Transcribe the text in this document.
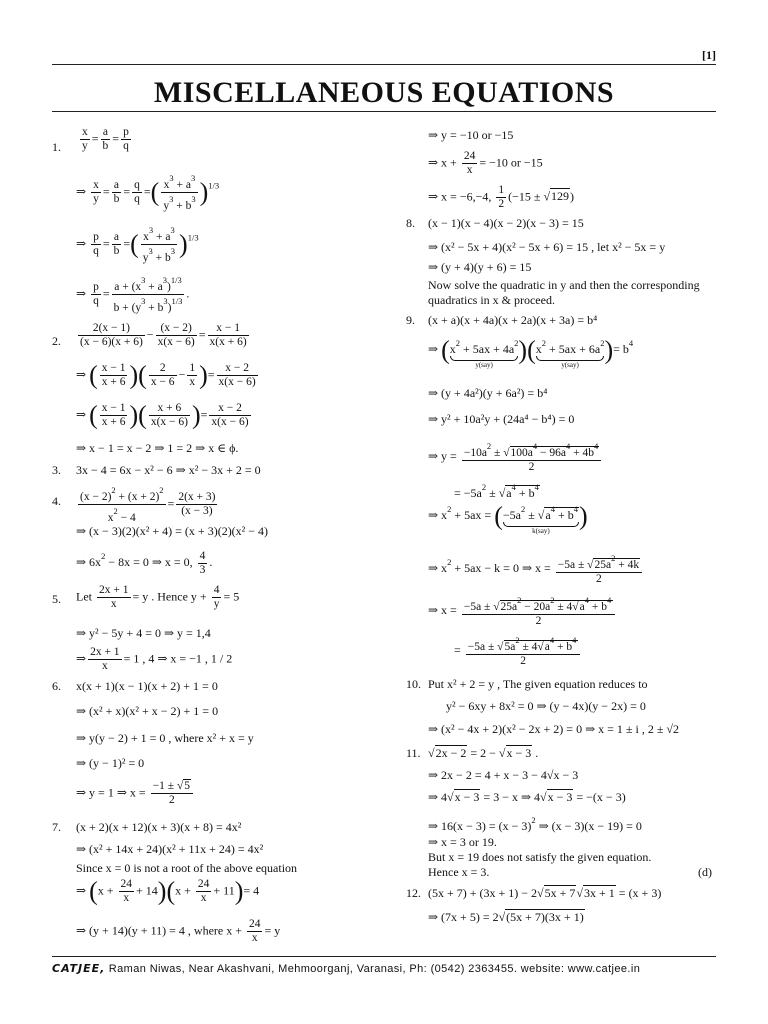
[1]
MISCELLANEOUS EQUATIONS
1. $\frac{x}{y} = \frac{a}{b} = \frac{p}{q}$
⇒ $\frac{x}{y} = \frac{a}{b} = \frac{q}{q}$ =( $\frac{x^3 + a^3}{y^3 + b^3} )^{1/3}$
⇒ $\frac{p}{q} = \frac{a}{b}$ =( $\frac{x^3 + a^3}{y^3 + b^3} )^{1/3}$
⇒ $\frac{p}{q} = \frac{a + (x^3 + a^3)^{1/3}}{b + (y^3 + b^3)^{1/3}}$ .
2. $\frac{2(x - 1)}{(x - 6)(x + 6)} - \frac{(x - 2)}{x(x - 6)} = \frac{x - 1}{x(x + 6)}$
⇒ ( $\frac{x - 1}{x + 6}$ )( $\frac{2}{x - 6} - \frac{1}{x}$ )= $\frac{x - 2}{x(x - 6)}$
⇒ ( $\frac{x - 1}{x + 6}$ )( $\frac{x + 6}{x(x - 6)}$ )= $\frac{x - 2}{x(x - 6)}$
⇒ x − 1 = x − 2 ⇒ 1 = 2 ⇒ x ∈ ϕ.
3. 3x − 4 = 6x − x² − 6 ⇒ x² − 3x + 2 = 0
4. $\frac{(x - 2)^2 + (x + 2)^2}{x^2 - 4} = \frac{2(x + 3)}{(x - 3)}$
⇒ (x − 3)(2)(x² + 4) = (x + 3)(2)(x² − 4)
⇒ $6x^2 - 8x = 0$ ⇒ x = 0, $\frac{4}{3}$ .
5. Let $\frac{2x + 1}{x} = y$ . Hence $y + \frac{4}{y} = 5$
⇒ y² − 5y + 4 = 0 ⇒ y = 1,4
⇒ $\frac{2x + 1}{x} = 1$ , 4 ⇒ x = −1 , 1 / 2
6. x(x + 1)(x − 1)(x + 2) + 1 = 0
⇒ (x² + x)(x² + x − 2) + 1 = 0
⇒ y(y − 2) + 1 = 0 , where x² + x = y
⇒ (y − 1)² = 0
⇒ y = 1 ⇒ $x = \frac{-1 \pm √5}{2}$
7. (x + 2)(x + 12)(x + 3)(x + 8) = 4x²
⇒ (x² + 14x + 24)(x² + 11x + 24) = 4x²
Since x = 0 is not a root of the above equation
⇒ $(x + \frac{24}{x} + 14)(x + \frac{24}{x} + 11)= 4$
⇒ (y + 14)(y + 11) = 4 , where $x + \frac{24}{x} = y$
⇒ y = −10 or −15
⇒ $x + \frac{24}{x} = -10$ or −15
⇒ x = −6,−4, $\frac{1}{2} (-15 \pm √129)$
8. (x − 1)(x − 4)(x − 2)(x − 3) = 15
⇒ (x² − 5x + 4)(x² − 5x + 6) = 15 , let x² − 5x = y
⇒ (y + 4)(y + 6) = 15
Now solve the quadratic in y and then the corresponding
quadratics in x & proceed.
9. (x + a)(x + 4a)(x + 2a)(x + 3a) = b⁴
⇒ ($x^2 + 5ax + 4a^2$
y(say)
)($x^2 + 5ax + 6a^2$
y(say)
)= $b^4$
⇒ (y + 4a²)(y + 6a²) = b⁴
⇒ y² + 10a²y + (24a⁴ − b⁴) = 0
⇒ $y = \frac{-10a^2 \pm √100a^4 - 96a^4 + 4b^4}{2}$
= $-5a^2 \pm √a^4 + b^4$
⇒ $x^2 + 5ax = (-5a^2 \pm √a^4 + b^4$
k(say)
)
⇒ $x^2 + 5ax - k = 0$ ⇒ $x = \frac{-5a \pm √25a^2 + 4k}{2}$
⇒ $x = \frac{-5a \pm √25a^2 - 20a^2 \pm 4√a^4 + b^4}{2}$
= $\frac{-5a \pm √5a^2 \pm 4√a^4 + b^4}{2}$
10. Put x² + 2 = y , The given equation reduces to
y² − 6xy + 8x² = 0 ⇒ (y − 4x)(y − 2x) = 0
⇒ (x² − 4x + 2)(x² − 2x + 2) = 0 ⇒ x = 1 ± i , 2 ± √2
11. √2x − 2 = 2 − √x − 3 .
⇒ 2x − 2 = 4 + x − 3 − 4√x − 3
⇒ 4√x − 3 = 3 − x ⇒ 4√x − 3 = −(x − 3)
⇒ $16(x - 3) = (x - 3)^2$ ⇒ (x − 3)(x − 19) = 0
⇒ x = 3 or 19.
But x = 19 does not satisfy the given equation.
Hence x = 3.	(d)
12. (5x + 7) + (3x + 1) − 2√5x + 7√3x + 1 = (x + 3)
⇒ (7x + 5) = 2√(5x + 7)(3x + 1)
CATJEE, Raman Niwas, Near Akashvani, Mehmoorganj, Varanasi, Ph: (0542) 2363455. website: www.catjee.in
